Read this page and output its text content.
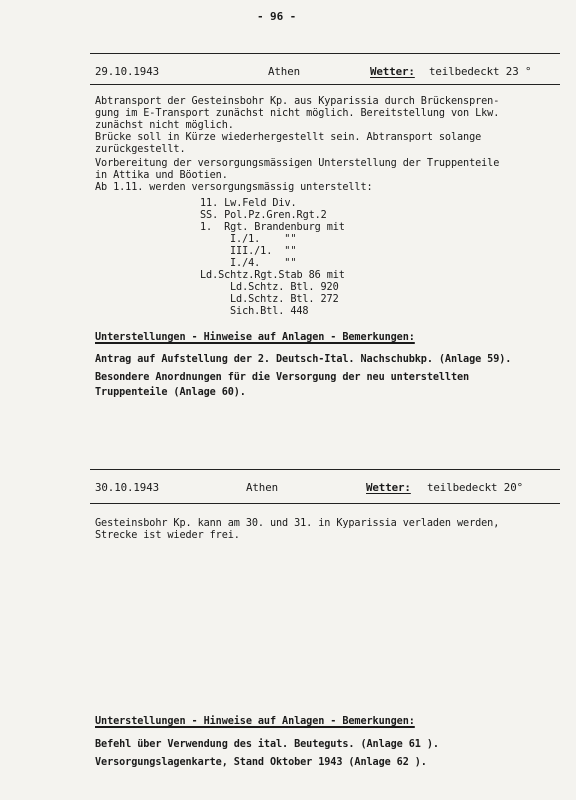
- 96 -
29.10.1943	Athen	Wetter: teilbedeckt 23 °
Abtransport der Gesteinsbohr Kp. aus Kyparissia durch Brückenspren-
gung im E-Transport zunächst nicht möglich. Bereitstellung von Lkw.
zunächst nicht möglich.
Brücke soll in Kürze wiederhergestellt sein. Abtransport solange
zurückgestellt.
Vorbereitung der versorgungsmässigen Unterstellung der Truppenteile
in Attika und Böotien.
Ab 1.11. werden versorgungsmässig unterstellt:
11. Lw.Feld Div.
SS. Pol.Pz.Gren.Rgt.2
1.  Rgt. Brandenburg mit
I./1.    ""
III./1.  ""
I./4.    ""
Ld.Schtz.Rgt.Stab 86 mit
Ld.Schtz. Btl. 920
Ld.Schtz. Btl. 272
Sich.Btl. 448
Unterstellungen - Hinweise auf Anlagen - Bemerkungen:
Antrag auf Aufstellung der 2. Deutsch-Ital. Nachschubkp. (Anlage 59).
Besondere Anordnungen für die Versorgung der neu unterstellten
Truppenteile (Anlage 60).
30.10.1943	Athen	Wetter: teilbedeckt 20°
Gesteinsbohr Kp. kann am 30. und 31. in Kyparissia verladen werden,
Strecke ist wieder frei.
Unterstellungen - Hinweise auf Anlagen - Bemerkungen:
Befehl über Verwendung des ital. Beuteguts. (Anlage 61 ).
Versorgungslagenkarte, Stand Oktober 1943 (Anlage 62 ).
